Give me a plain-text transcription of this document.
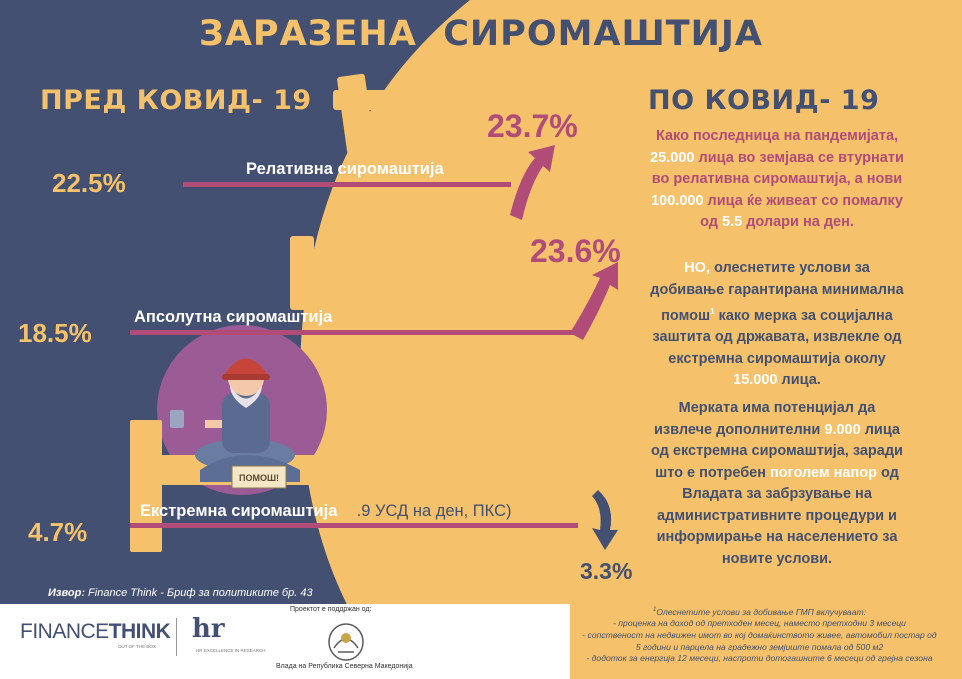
ПОМОШ!
ЗАРАЗЕНА СИРОМАШТИЈА
ПРЕД КОВИД- 19	ПО КОВИД- 19
22.5%
18.5%
4.7%
23.7%
23.6%
3.3%
Релативна сиромаштија
Апсолутна сиромаштија (5.5 УСД на ден, ПКС)
Екстремна сиромаштија (1.9 УСД на ден, ПКС)
Како последница на пандемијата,
25.000 лица во земјава се втурнати
во релативна сиромаштија, а нови
100.000 лица ќе живеат со помалку
од 5.5 долари на ден.
НО, олеснетите услови за
добивање гарантирана минимална
помош$^1$ како мерка за социјална
заштита од државата, извлекле од
екстремна сиромаштија околу
15.000 лица.
Мерката има потенцијал да
извлече дополнителни 9.000 лица
од екстремна сиромаштија, заради
што е потребен поголем напор од
Владата за забрзување на
административните процедури и
информирање на населението за
новите услови.
Извор: Finance Think - Бриф за политиките бр. 43
FINANCETHINK
OUT OF THE BOX
hr
HR EXCELLENCE IN RESEARCH
Проектот е поддржан од:
Влада на Република Северна Македонија
$^1$Олеснетите услови за добивање ГМП вклучуваат:
- проценка на доход од претходен месец, наместо претходни 3 месеци
- сопственост на недвижен имот во кој домаќинството живее, автомобил постар од
5 години и парцела на градежно земјиште помала од 500 м2
- додоток за енергија 12 месеци, наспроти дотогашните 6 месеци од грејна сезона
